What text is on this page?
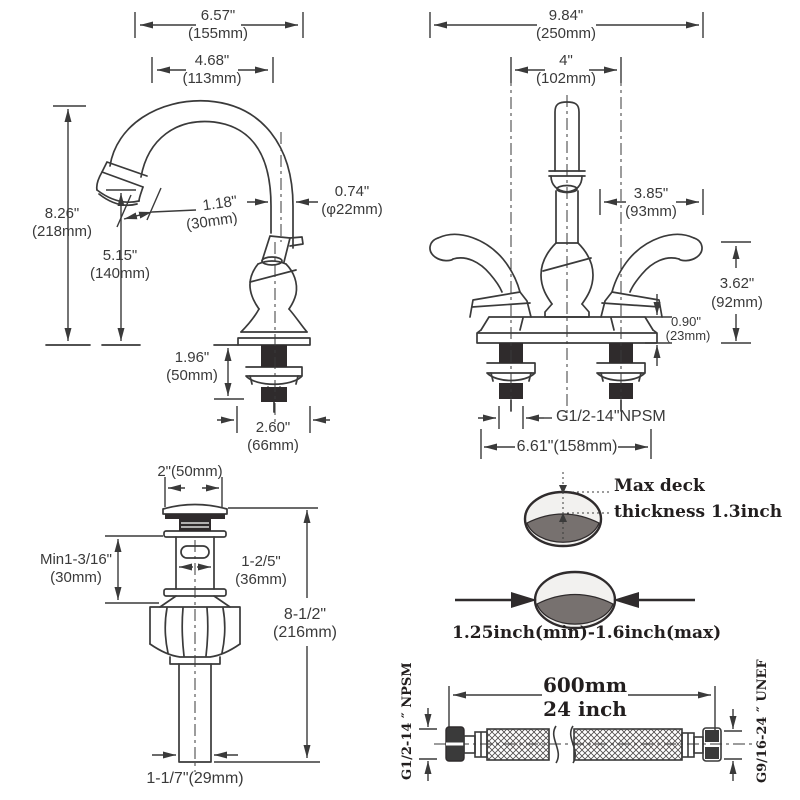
6.57"
(155mm)
4.68"
(113mm)
8.26"
(218mm)
5.15"
(140mm)
1.18"
(30mm)
0.74"
(φ22mm)
1.96"
(50mm)
2.60"
(66mm)
9.84"
(250mm)
4"
(102mm)
3.85"
(93mm)
3.62"
(92mm)
0.90"
(23mm)
G1/2-14"NPSM
6.61"(158mm)
2"(50mm)
Min1-3/16"
(30mm)
1-2/5"
(36mm)
8-1/2"
(216mm)
1-1/7"(29mm)
Max deck
thickness 1.3inch
1.25inch(min)-1.6inch(max)
600mm
24 inch
G1/2-14 ″ NPSM	G9/16-24 ″ UNEF
